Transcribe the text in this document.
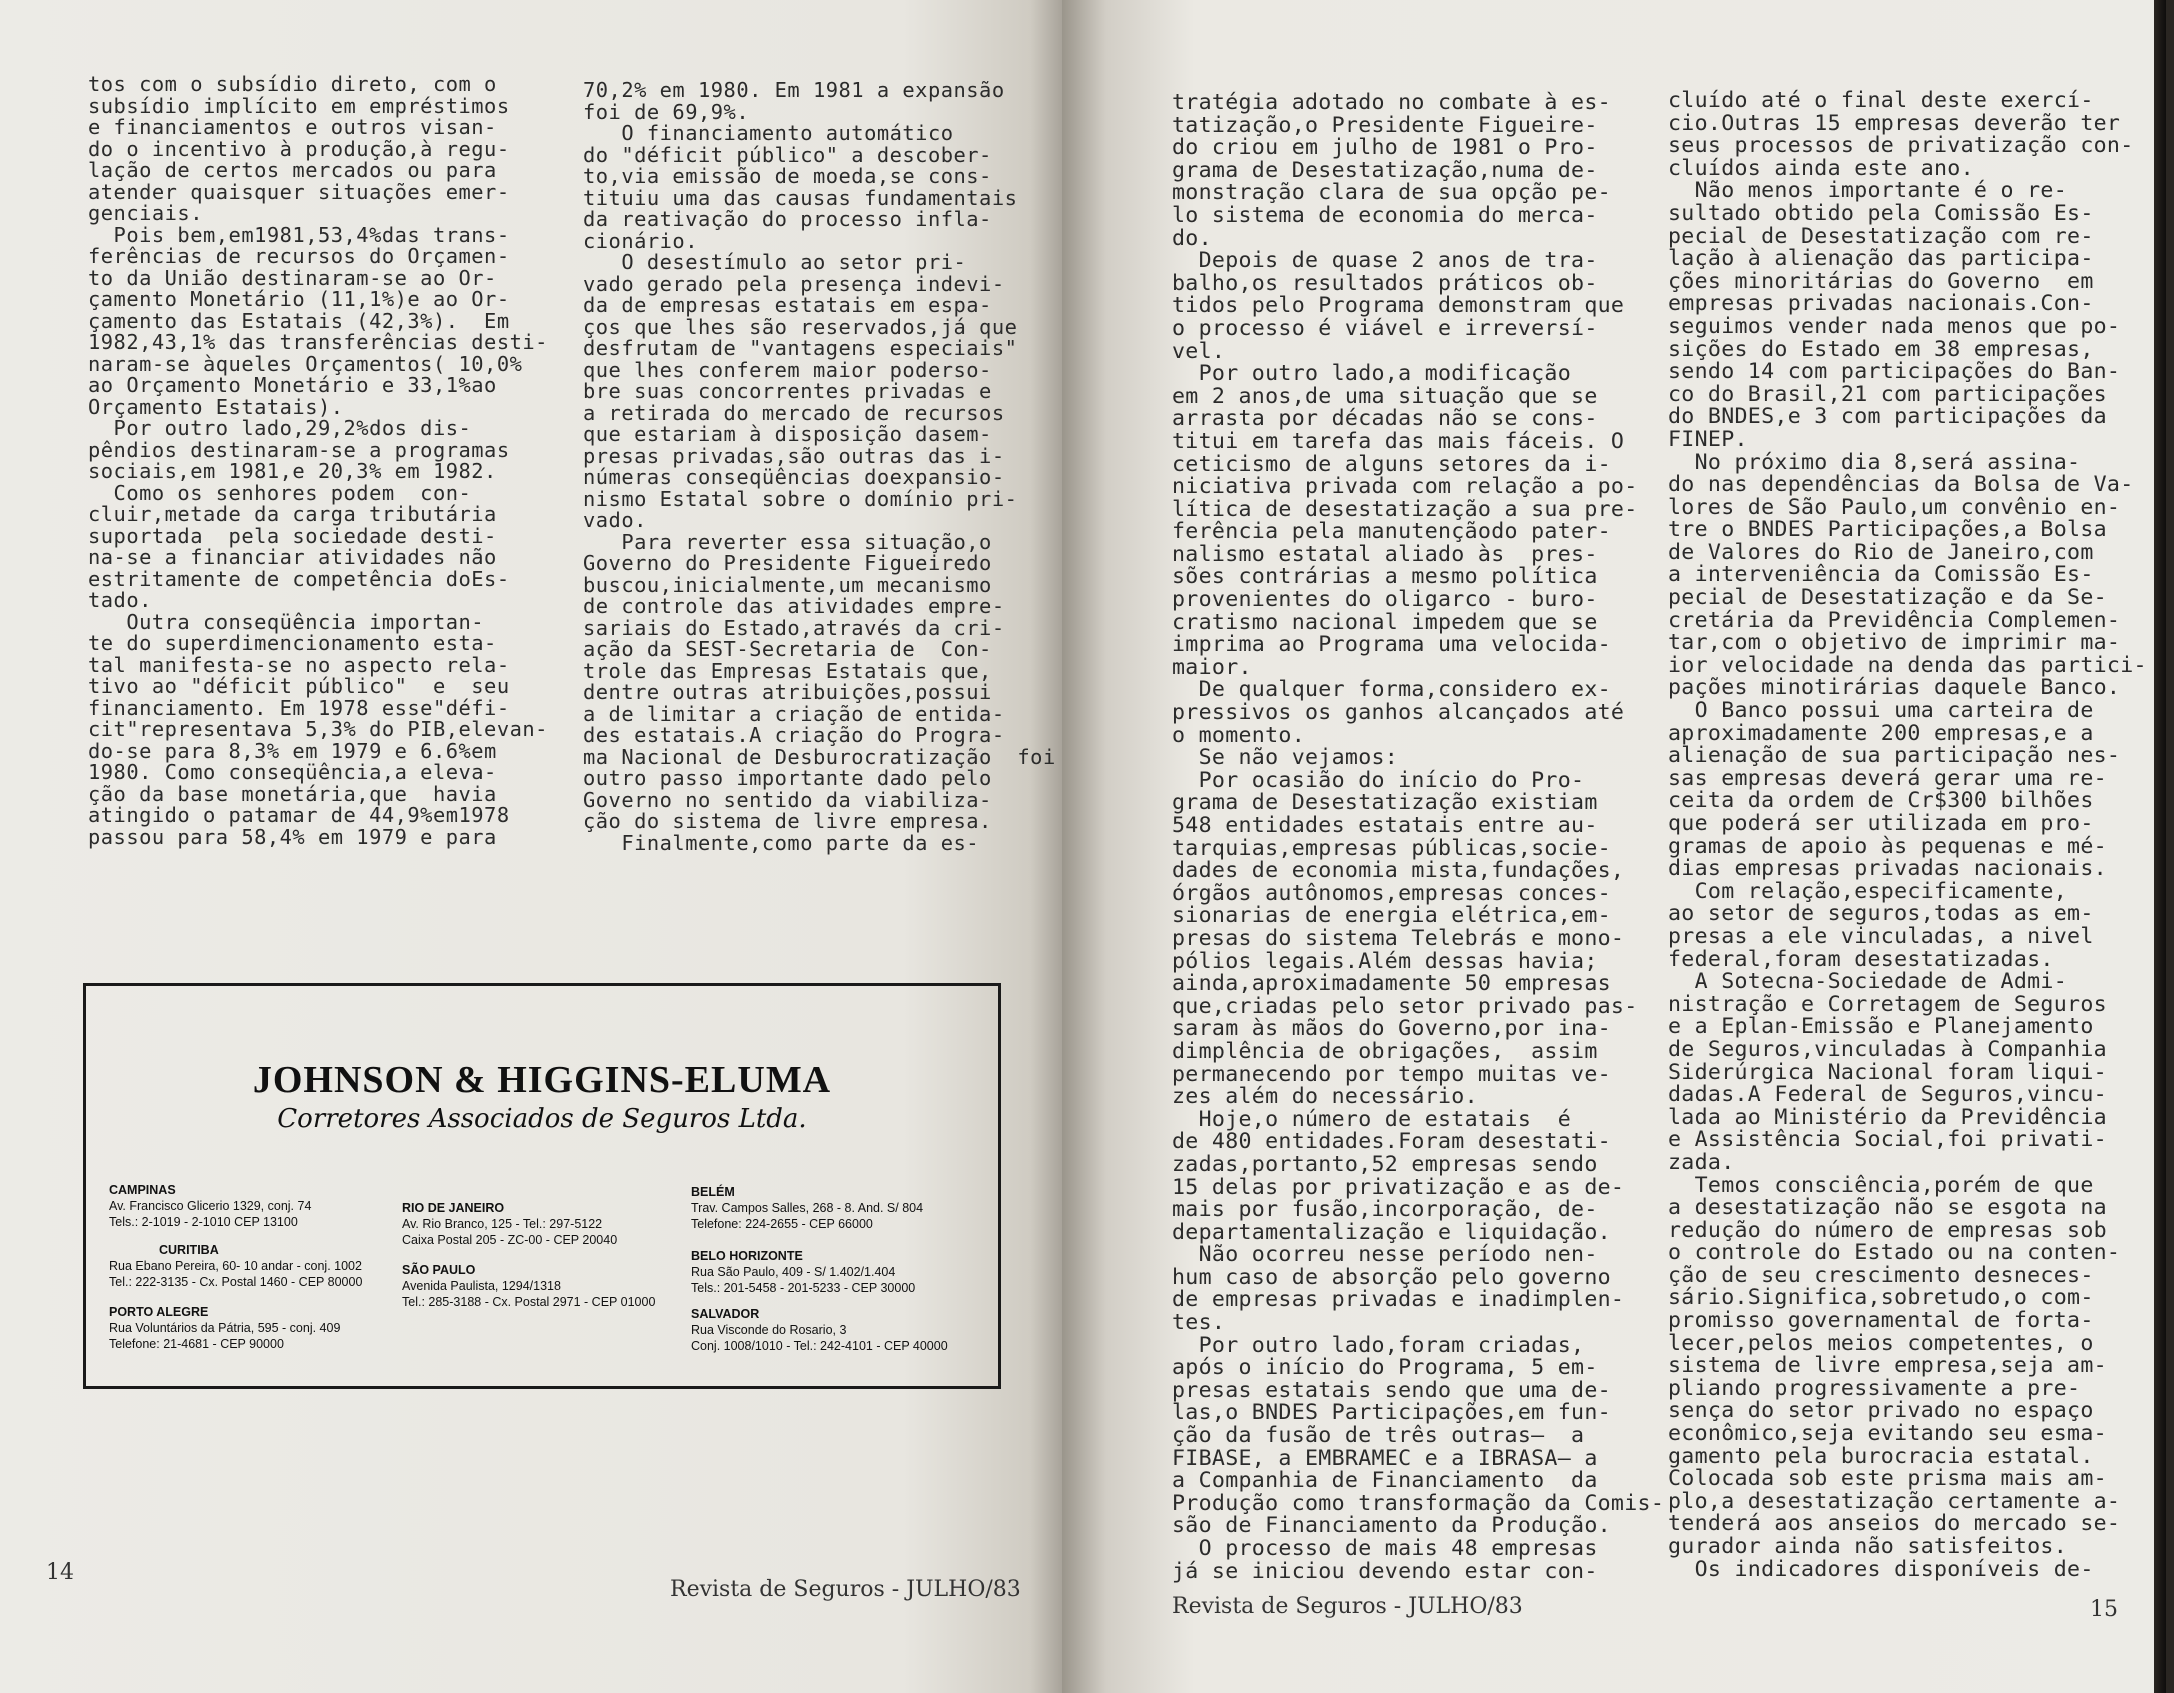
tos com o subsídio direto, com o
subsídio implícito em empréstimos
e financiamentos e outros visan-
do o incentivo à produção,à regu-
lação de certos mercados ou para
atender quaisquer situações emer-
genciais.
Pois bem,em1981,53,4%das trans-
ferências de recursos do Orçamen-
to da União destinaram-se ao Or-
çamento Monetário (11,1%)e ao Or-
çamento das Estatais (42,3%).  Em
1982,43,1% das transferências desti-
naram-se àqueles Orçamentos( 10,0%
ao Orçamento Monetário e 33,1%ao
Orçamento Estatais).
Por outro lado,29,2%dos dis-
pêndios destinaram-se a programas
sociais,em 1981,e 20,3% em 1982.
Como os senhores podem  con-
cluir,metade da carga tributária
suportada  pela sociedade desti-
na-se a financiar atividades não
estritamente de competência doEs-
tado.
Outra conseqüência importan-
te do superdimencionamento esta-
tal manifesta-se no aspecto rela-
tivo ao "déficit público"  e  seu
financiamento. Em 1978 esse"défi-
cit"representava 5,3% do PIB,elevan-
do-se para 8,3% em 1979 e 6.6%em
1980. Como conseqüência,a eleva-
ção da base monetária,que  havia
atingido o patamar de 44,9%em1978
passou para 58,4% em 1979 e para
70,2% em 1980. Em 1981 a expansão
foi de 69,9%.
O financiamento automático
do "déficit público" a descober-
to,via emissão de moeda,se cons-
tituiu uma das causas fundamentais
da reativação do processo infla-
cionário.
O desestímulo ao setor pri-
vado gerado pela presença indevi-
da de empresas estatais em espa-
ços que lhes são reservados,já que
desfrutam de "vantagens especiais"
que lhes conferem maior poderso-
bre suas concorrentes privadas e
a retirada do mercado de recursos
que estariam à disposição dasem-
presas privadas,são outras das i-
númeras conseqüências doexpansio-
nismo Estatal sobre o domínio pri-
vado.
Para reverter essa situação,o
Governo do Presidente Figueiredo
buscou,inicialmente,um mecanismo
de controle das atividades empre-
sariais do Estado,através da cri-
ação da SEST-Secretaria de  Con-
trole das Empresas Estatais que,
dentre outras atribuições,possui
a de limitar a criação de entida-
des estatais.A criação do Progra-
ma Nacional de Desburocratização  foi
outro passo importante dado pelo
Governo no sentido da viabiliza-
ção do sistema de livre empresa.
Finalmente,como parte da es-
JOHNSON & HIGGINS-ELUMA
Corretores Associados de Seguros Ltda.
CAMPINAS
Av. Francisco Glicerio 1329, conj. 74
Tels.: 2-1019 - 2-1010 CEP 13100
CURITIBA
Rua Ebano Pereira, 60- 10 andar - conj. 1002
Tel.: 222-3135 - Cx. Postal 1460 - CEP 80000
PORTO ALEGRE
Rua Voluntários da Pátria, 595 - conj. 409
Telefone: 21-4681 - CEP 90000
RIO DE JANEIRO
Av. Rio Branco, 125 - Tel.: 297-5122
Caixa Postal 205 - ZC-00 - CEP 20040
SÃO PAULO
Avenida Paulista, 1294/1318
Tel.: 285-3188 - Cx. Postal 2971 - CEP 01000
BELÉM
Trav. Campos Salles, 268 - 8. And. S/ 804
Telefone: 224-2655 - CEP 66000
BELO HORIZONTE
Rua São Paulo, 409 - S/ 1.402/1.404
Tels.: 201-5458 - 201-5233 - CEP 30000
SALVADOR
Rua Visconde do Rosario, 3
Conj. 1008/1010 - Tel.: 242-4101 - CEP 40000
14
Revista de Seguros - JULHO/83
tratégia adotado no combate à es-
tatização,o Presidente Figueire-
do criou em julho de 1981 o Pro-
grama de Desestatização,numa de-
monstração clara de sua opção pe-
lo sistema de economia do merca-
do.
Depois de quase 2 anos de tra-
balho,os resultados práticos ob-
tidos pelo Programa demonstram que
o processo é viável e irreversí-
vel.
Por outro lado,a modificação
em 2 anos,de uma situação que se
arrasta por décadas não se cons-
titui em tarefa das mais fáceis. O
ceticismo de alguns setores da i-
niciativa privada com relação a po-
lítica de desestatização a sua pre-
ferência pela manutençãodo pater-
nalismo estatal aliado às  pres-
sões contrárias a mesmo política
provenientes do oligarco - buro-
cratismo nacional impedem que se
imprima ao Programa uma velocida-
maior.
De qualquer forma,considero ex-
pressivos os ganhos alcançados até
o momento.
Se não vejamos:
Por ocasião do início do Pro-
grama de Desestatização existiam
548 entidades estatais entre au-
tarquias,empresas públicas,socie-
dades de economia mista,fundações,
órgãos autônomos,empresas conces-
sionarias de energia elétrica,em-
presas do sistema Telebrás e mono-
pólios legais.Além dessas havia;
ainda,aproximadamente 50 empresas
que,criadas pelo setor privado pas-
saram às mãos do Governo,por ina-
dimplência de obrigações,  assim
permanecendo por tempo muitas ve-
zes além do necessário.
Hoje,o número de estatais  é
de 480 entidades.Foram desestati-
zadas,portanto,52 empresas sendo
15 delas por privatização e as de-
mais por fusão,incorporação, de-
departamentalização e liquidação.
Não ocorreu nesse período nen-
hum caso de absorção pelo governo
de empresas privadas e inadimplen-
tes.
Por outro lado,foram criadas,
após o início do Programa, 5 em-
presas estatais sendo que uma de-
las,o BNDES Participações,em fun-
ção da fusão de três outras—  a
FIBASE, a EMBRAMEC e a IBRASA— a
a Companhia de Financiamento  da
Produção como transformação da Comis-
são de Financiamento da Produção.
O processo de mais 48 empresas
já se iniciou devendo estar con-
cluído até o final deste exercí-
cio.Outras 15 empresas deverão ter
seus processos de privatização con-
cluídos ainda este ano.
Não menos importante é o re-
sultado obtido pela Comissão Es-
pecial de Desestatização com re-
lação à alienação das participa-
ções minoritárias do Governo  em
empresas privadas nacionais.Con-
seguimos vender nada menos que po-
sições do Estado em 38 empresas,
sendo 14 com participações do Ban-
co do Brasil,21 com participações
do BNDES,e 3 com participações da
FINEP.
No próximo dia 8,será assina-
do nas dependências da Bolsa de Va-
lores de São Paulo,um convênio en-
tre o BNDES Participações,a Bolsa
de Valores do Rio de Janeiro,com
a interveniência da Comissão Es-
pecial de Desestatização e da Se-
cretária da Previdência Complemen-
tar,com o objetivo de imprimir ma-
ior velocidade na denda das partici-
pações minotirárias daquele Banco.
O Banco possui uma carteira de
aproximadamente 200 empresas,e a
alienação de sua participação nes-
sas empresas deverá gerar uma re-
ceita da ordem de Cr$300 bilhões
que poderá ser utilizada em pro-
gramas de apoio às pequenas e mé-
dias empresas privadas nacionais.
Com relação,especificamente,
ao setor de seguros,todas as em-
presas a ele vinculadas, a nivel
federal,foram desestatizadas.
A Sotecna-Sociedade de Admi-
nistração e Corretagem de Seguros
e a Eplan-Emissão e Planejamento
de Seguros,vinculadas à Companhia
Siderúrgica Nacional foram liqui-
dadas.A Federal de Seguros,vincu-
lada ao Ministério da Previdência
e Assistência Social,foi privati-
zada.
Temos consciência,porém de que
a desestatização não se esgota na
redução do número de empresas sob
o controle do Estado ou na conten-
ção de seu crescimento desneces-
sário.Significa,sobretudo,o com-
promisso governamental de forta-
lecer,pelos meios competentes, o
sistema de livre empresa,seja am-
pliando progressivamente a pre-
sença do setor privado no espaço
econômico,seja evitando seu esma-
gamento pela burocracia estatal.
Colocada sob este prisma mais am-
plo,a desestatização certamente a-
tenderá aos anseios do mercado se-
gurador ainda não satisfeitos.
Os indicadores disponíveis de-
Revista de Seguros - JULHO/83	15
